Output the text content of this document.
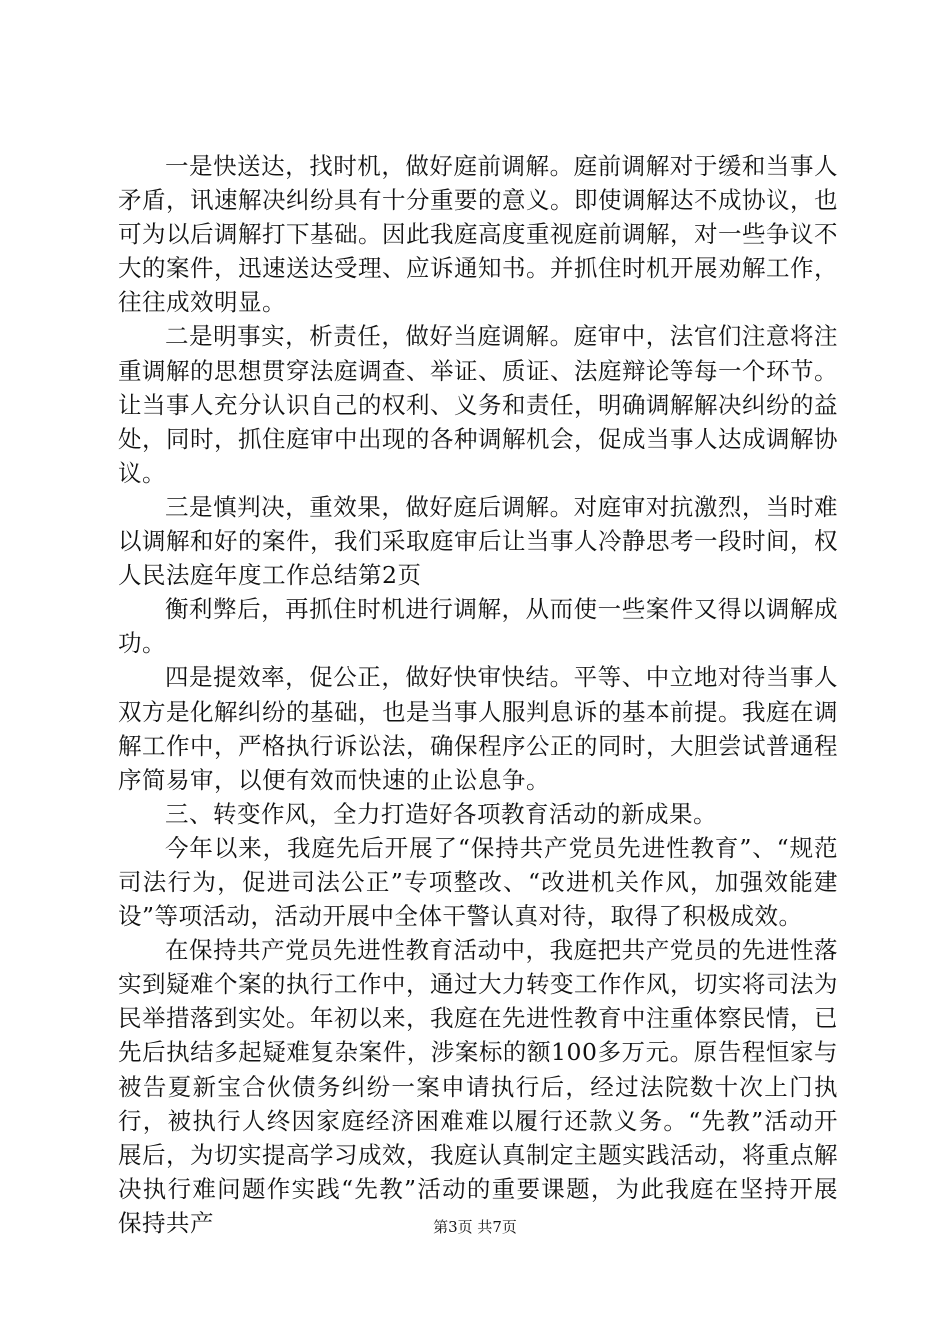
一是快送达，找时机，做好庭前调解。庭前调解对于缓和当事人矛盾，讯速解决纠纷具有十分重要的意义。即使调解达不成协议，也可为以后调解打下基础。因此我庭高度重视庭前调解，对一些争议不大的案件，迅速送达受理、应诉通知书。并抓住时机开展劝解工作，往往成效明显。

二是明事实，析责任，做好当庭调解。庭审中，法官们注意将注重调解的思想贯穿法庭调查、举证、质证、法庭辩论等每一个环节。让当事人充分认识自己的权利、义务和责任，明确调解解决纠纷的益处，同时，抓住庭审中出现的各种调解机会，促成当事人达成调解协议。

三是慎判决，重效果，做好庭后调解。对庭审对抗激烈，当时难以调解和好的案件，我们采取庭审后让当事人冷静思考一段时间，权人民法庭年度工作总结第2页

衡利弊后，再抓住时机进行调解，从而使一些案件又得以调解成功。

四是提效率，促公正，做好快审快结。平等、中立地对待当事人双方是化解纠纷的基础，也是当事人服判息诉的基本前提。我庭在调解工作中，严格执行诉讼法，确保程序公正的同时，大胆尝试普通程序简易审，以便有效而快速的止讼息争。

三、转变作风，全力打造好各项教育活动的新成果。

今年以来，我庭先后开展了“保持共产党员先进性教育”、“规范司法行为，促进司法公正”专项整改、“改进机关作风，加强效能建设”等项活动，活动开展中全体干警认真对待，取得了积极成效。

在保持共产党员先进性教育活动中，我庭把共产党员的先进性落实到疑难个案的执行工作中，通过大力转变工作作风，切实将司法为民举措落到实处。年初以来，我庭在先进性教育中注重体察民情，已先后执结多起疑难复杂案件，涉案标的额100多万元。原告程恒家与被告夏新宝合伙债务纠纷一案申请执行后，经过法院数十次上门执行，被执行人终因家庭经济困难难以履行还款义务。“先教”活动开展后，为切实提高学习成效，我庭认真制定主题实践活动，将重点解决执行难问题作实践“先教”活动的重要课题，为此我庭在坚持开展保持共产	第3页 共7页
